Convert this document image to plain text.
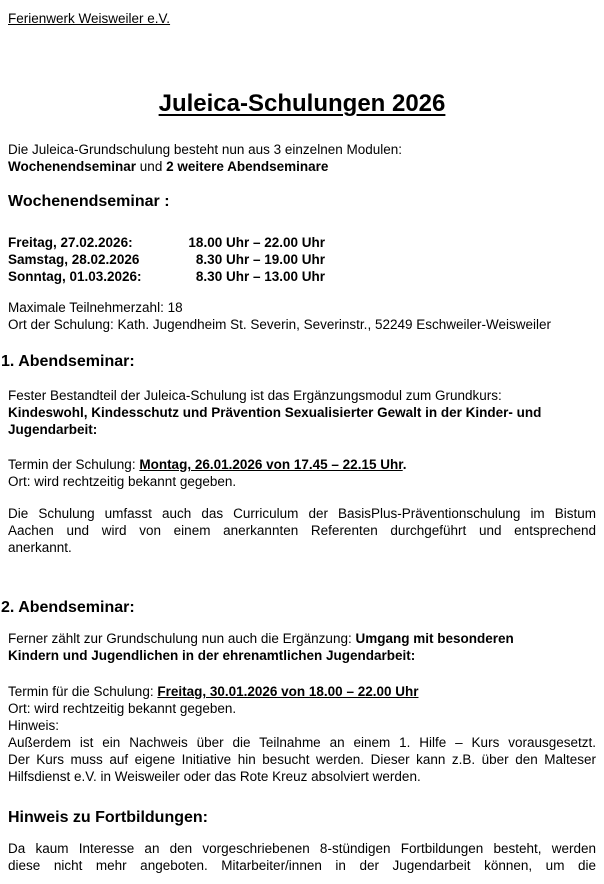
Ferienwerk Weisweiler e.V.
Juleica-Schulungen 2026
Die Juleica-Grundschulung besteht nun aus 3 einzelnen Modulen:
Wochenendseminar und 2 weitere Abendseminare
Wochenendseminar :
Freitag, 27.02.2026:	18.00 Uhr – 22.00 Uhr
Samstag, 28.02.2026	8.30 Uhr – 19.00 Uhr
Sonntag, 01.03.2026:	8.30 Uhr – 13.00 Uhr
Maximale Teilnehmerzahl: 18
Ort der Schulung: Kath. Jugendheim St. Severin, Severinstr., 52249 Eschweiler-Weisweiler
1. Abendseminar:
Fester Bestandteil der Juleica-Schulung ist das Ergänzungsmodul zum Grundkurs:
Kindeswohl, Kindesschutz und Prävention Sexualisierter Gewalt in der Kinder- und
Jugendarbeit:
Termin der Schulung: Montag, 26.01.2026 von 17.45 – 22.15 Uhr.
Ort: wird rechtzeitig bekannt gegeben.
Die Schulung umfasst auch das Curriculum der BasisPlus-Präventionschulung im Bistum
Aachen und wird von einem anerkannten Referenten durchgeführt und entsprechend
anerkannt.
2. Abendseminar:
Ferner zählt zur Grundschulung nun auch die Ergänzung: Umgang mit besonderen
Kindern und Jugendlichen in der ehrenamtlichen Jugendarbeit:
Termin für die Schulung: Freitag, 30.01.2026 von 18.00 – 22.00 Uhr
Ort: wird rechtzeitig bekannt gegeben.
Hinweis:
Außerdem ist ein Nachweis über die Teilnahme an einem 1. Hilfe – Kurs vorausgesetzt.
Der Kurs muss auf eigene Initiative hin besucht werden. Dieser kann z.B. über den Malteser
Hilfsdienst e.V. in Weisweiler oder das Rote Kreuz absolviert werden.
Hinweis zu Fortbildungen:
Da kaum Interesse an den vorgeschriebenen 8-stündigen Fortbildungen besteht, werden
diese nicht mehr angeboten. Mitarbeiter/innen in der Jugendarbeit können, um die
